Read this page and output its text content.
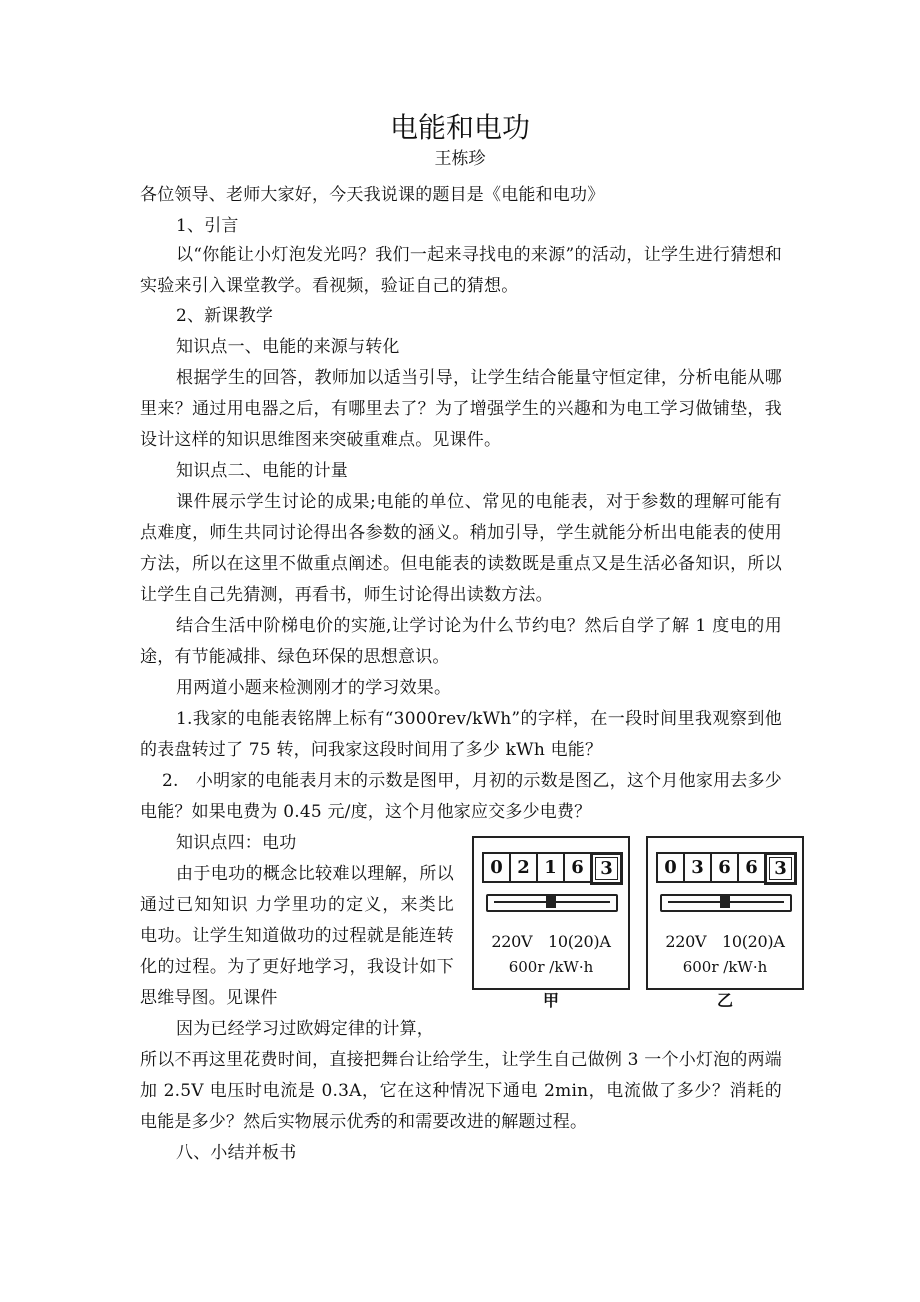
电能和电功
王栋珍

各位领导、老师大家好，今天我说课的题目是《电能和电功》

1、引言

以“你能让小灯泡发光吗？我们一起来寻找电的来源”的活动，让学生进行猜想和实验来引入课堂教学。看视频，验证自己的猜想。

2、新课教学

知识点一、电能的来源与转化

根据学生的回答，教师加以适当引导，让学生结合能量守恒定律，分析电能从哪里来？通过用电器之后，有哪里去了？为了增强学生的兴趣和为电工学习做铺垫，我设计这样的知识思维图来突破重难点。见课件。

知识点二、电能的计量

课件展示学生讨论的成果;电能的单位、常见的电能表，对于参数的理解可能有点难度，师生共同讨论得出各参数的涵义。稍加引导，学生就能分析出电能表的使用方法，所以在这里不做重点阐述。但电能表的读数既是重点又是生活必备知识，所以让学生自己先猜测，再看书，师生讨论得出读数方法。

结合生活中阶梯电价的实施,让学讨论为什么节约电？然后自学了解 1 度电的用途，有节能减排、绿色环保的思想意识。

用两道小题来检测刚才的学习效果。

1.我家的电能表铭牌上标有“3000rev/kWh”的字样，在一段时间里我观察到他的表盘转过了 75 转，问我家这段时间用了多少 kWh 电能？

2.　小明家的电能表月末的示数是图甲，月初的示数是图乙，这个月他家用去多少电能？如果电费为 0.45 元/度，这个月他家应交多少电费？

知识点四：电功

由于电功的概念比较难以理解，所以通过已知知识 力学里功的定义，来类比电功。让学生知道做功的过程就是能连转化的过程。为了更好地学习，我设计如下思维导图。见课件

因为已经学习过欧姆定律的计算，

所以不再这里花费时间，直接把舞台让给学生，让学生自己做例 3 一个小灯泡的两端加 2.5V 电压时电流是 0.3A，它在这种情况下通电 2min，电流做了多少？消耗的电能是多少？然后实物展示优秀的和需要改进的解题过程。

八、小结并板书

0 2 1 6 3
220V　10(20)A
600r /kW·h
甲
0 3 6 6 3
220V　10(20)A
600r /kW·h
乙
